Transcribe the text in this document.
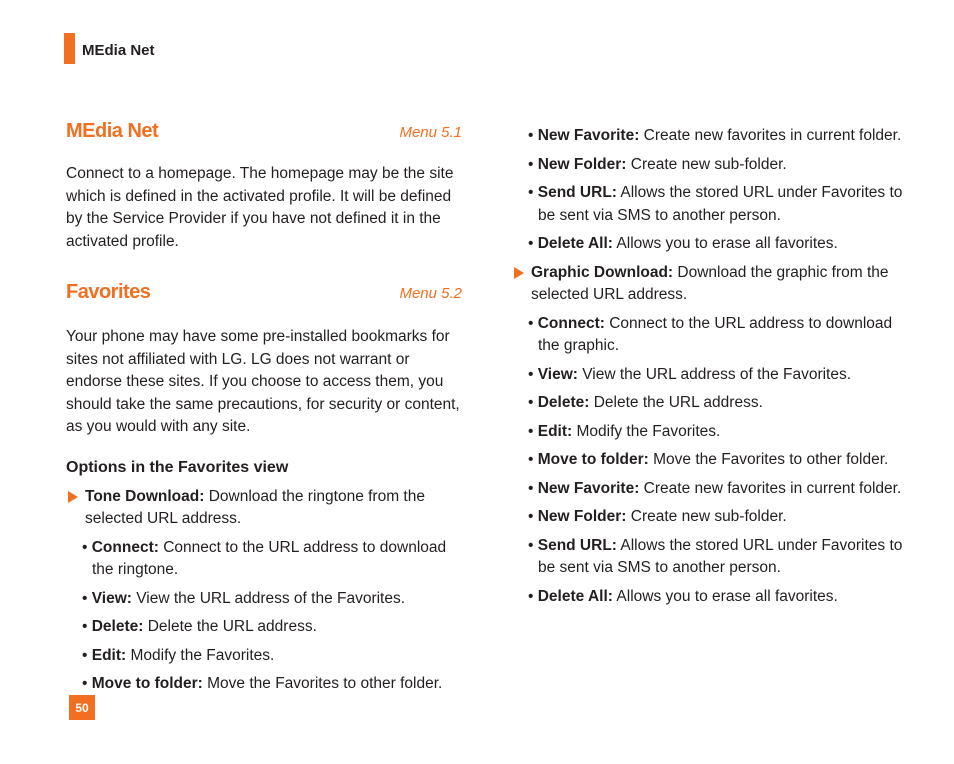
MEdia Net
MEdia Net	Menu 5.1

Connect to a homepage. The homepage may be the site which is defined in the activated profile. It will be defined by the Service Provider if you have not defined it in the activated profile.

Favorites	Menu 5.2

Your phone may have some pre-installed bookmarks for sites not affiliated with LG. LG does not warrant or endorse these sites. If you choose to access them, you should take the same precautions, for security or content, as you would with any site.

Options in the Favorites view

Tone Download: Download the ringtone from the selected URL address.
• Connect: Connect to the URL address to download the ringtone.
• View: View the URL address of the Favorites.
• Delete: Delete the URL address.
• Edit: Modify the Favorites.
• Move to folder: Move the Favorites to other folder.
• New Favorite: Create new favorites in current folder.
• New Folder: Create new sub-folder.
• Send URL: Allows the stored URL under Favorites to be sent via SMS to another person.
• Delete All: Allows you to erase all favorites.
Graphic Download: Download the graphic from the selected URL address.
• Connect: Connect to the URL address to download the graphic.
• View: View the URL address of the Favorites.
• Delete: Delete the URL address.
• Edit: Modify the Favorites.
• Move to folder: Move the Favorites to other folder.
• New Favorite: Create new favorites in current folder.
• New Folder: Create new sub-folder.
• Send URL: Allows the stored URL under Favorites to be sent via SMS to another person.
• Delete All: Allows you to erase all favorites.
50
